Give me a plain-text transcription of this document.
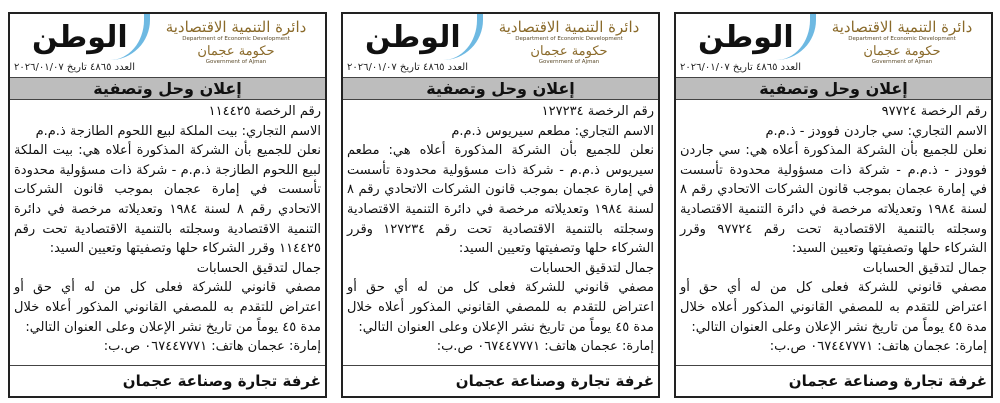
الوطن
العدد ٤٨٦٥ تاريخ ٢٠٢٦/٠١/٠٧
دائرة التنمية الاقتصادية
Department of Economic Development
حكومة عجمان
Government of Ajman
إعلان وحل وتصفية

رقم الرخصة ١١٤٤٢٥

الاسم التجاري: بيت الملكة لبيع اللحوم الطازجة ذ.م.م

نعلن للجميع بأن الشركة المذكورة أعلاه هي: بيت الملكة لبيع اللحوم الطازجة ذ.م.م - شركة ذات مسؤولية محدودة تأسست في إمارة عجمان بموجب قانون الشركات الاتحادي رقم ٨ لسنة ١٩٨٤ وتعديلاته مرخصة في دائرة التنمية الاقتصادية وسجلته بالتنمية الاقتصادية تحت رقم ١١٤٤٢٥ وقرر الشركاء حلها وتصفيتها وتعيين السيد:

جمال لتدقيق الحسابات

مصفي قانوني للشركة فعلى كل من له أي حق أو اعتراض للتقدم به للمصفي القانوني المذكور أعلاه خلال مدة ٤٥ يوماً من تاريخ نشر الإعلان وعلى العنوان التالي:

إمارة: عجمان هاتف: ٠٦٧٤٤٧٧٧١ ص.ب:

غرفة تجارة وصناعة عجمان
الوطن
العدد ٤٨٦٥ تاريخ ٢٠٢٦/٠١/٠٧
دائرة التنمية الاقتصادية
Department of Economic Development
حكومة عجمان
Government of Ajman
إعلان وحل وتصفية

رقم الرخصة ١٢٧٢٣٤

الاسم التجاري: مطعم سيريوس ذ.م.م

نعلن للجميع بأن الشركة المذكورة أعلاه هي: مطعم سيريوس ذ.م.م - شركة ذات مسؤولية محدودة تأسست في إمارة عجمان بموجب قانون الشركات الاتحادي رقم ٨ لسنة ١٩٨٤ وتعديلاته مرخصة في دائرة التنمية الاقتصادية وسجلته بالتنمية الاقتصادية تحت رقم ١٢٧٢٣٤ وقرر الشركاء حلها وتصفيتها وتعيين السيد:

جمال لتدقيق الحسابات

مصفي قانوني للشركة فعلى كل من له أي حق أو اعتراض للتقدم به للمصفي القانوني المذكور أعلاه خلال مدة ٤٥ يوماً من تاريخ نشر الإعلان وعلى العنوان التالي:

إمارة: عجمان هاتف: ٠٦٧٤٤٧٧٧١ ص.ب:

غرفة تجارة وصناعة عجمان
الوطن
العدد ٤٨٦٥ تاريخ ٢٠٢٦/٠١/٠٧
دائرة التنمية الاقتصادية
Department of Economic Development
حكومة عجمان
Government of Ajman
إعلان وحل وتصفية

رقم الرخصة ٩٧٧٢٤

الاسم التجاري: سي جاردن فوودز - ذ.م.م

نعلن للجميع بأن الشركة المذكورة أعلاه هي: سي جاردن فوودز - ذ.م.م - شركة ذات مسؤولية محدودة تأسست في إمارة عجمان بموجب قانون الشركات الاتحادي رقم ٨ لسنة ١٩٨٤ وتعديلاته مرخصة في دائرة التنمية الاقتصادية وسجلته بالتنمية الاقتصادية تحت رقم ٩٧٧٢٤ وقرر الشركاء حلها وتصفيتها وتعيين السيد:

جمال لتدقيق الحسابات

مصفي قانوني للشركة فعلى كل من له أي حق أو اعتراض للتقدم به للمصفي القانوني المذكور أعلاه خلال مدة ٤٥ يوماً من تاريخ نشر الإعلان وعلى العنوان التالي:

إمارة: عجمان هاتف: ٠٦٧٤٤٧٧٧١ ص.ب:

غرفة تجارة وصناعة عجمان
